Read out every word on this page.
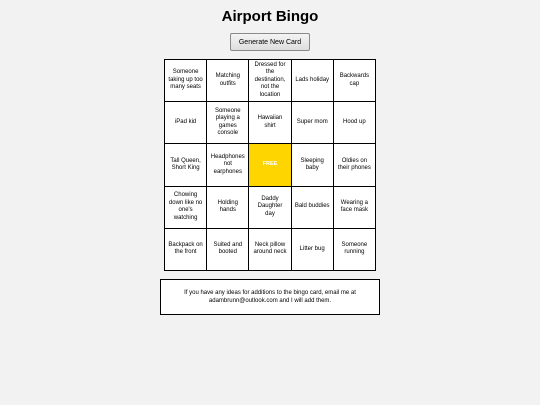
Airport Bingo
Generate New Card
Someone taking up too many seats
Matching outfits
Dressed for the destination, not the location
Lads holiday
Backwards cap
iPad kid
Someone playing a games console
Hawaiian shirt
Super mom	Hood up
Tall Queen, Short King
Headphones not earphones
FREE
Sleeping baby
Oldies on their phones
Chowing down like no one's watching
Holding hands
Daddy Daughter day
Bald buddies
Wearing a face mask
Backpack on the front
Suited and booted
Neck pillow around neck
Litter bug
Someone running
If you have any ideas for additions to the bingo card, email me at adambrunn@outlook.com and I will add them.
